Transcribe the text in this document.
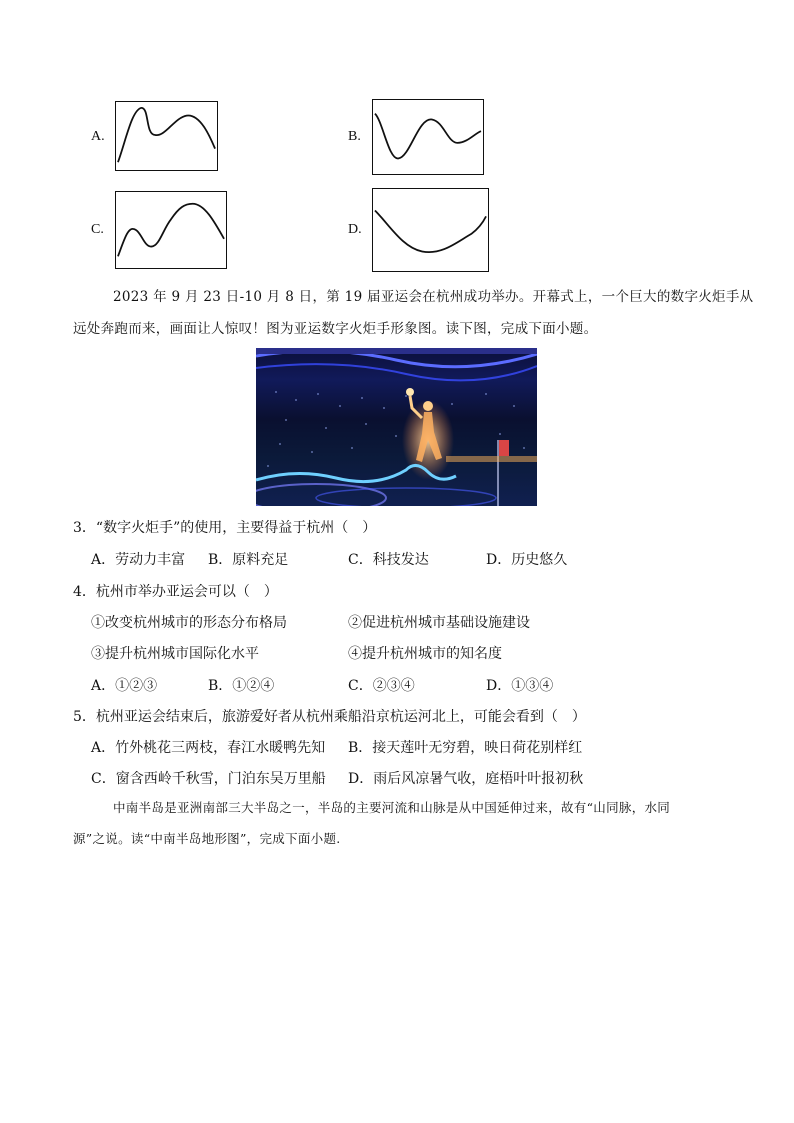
A.	B.
C.	D.
2023 年 9 月 23 日-10 月 8 日，第 19 届亚运会在杭州成功举办。开幕式上，一个巨大的数字火炬手从
远处奔跑而来，画面让人惊叹！图为亚运数字火炬手形象图。读下图，完成下面小题。
3．“数字火炬手”的使用，主要得益于杭州（　）
A．劳动力丰富 B．原料充足	C．科技发达	D．历史悠久
4．杭州市举办亚运会可以（　）
①改变杭州城市的形态分布格局	②促进杭州城市基础设施建设
③提升杭州城市国际化水平	④提升杭州城市的知名度
A．①②③	B．①②④	C．②③④	D．①③④
5．杭州亚运会结束后，旅游爱好者从杭州乘船沿京杭运河北上，可能会看到（　）
A．竹外桃花三两枝，春江水暖鸭先知 B．接天莲叶无穷碧，映日荷花别样红
C．窗含西岭千秋雪，门泊东吴万里船 D．雨后风凉暑气收，庭梧叶叶报初秋
中南半岛是亚洲南部三大半岛之一，半岛的主要河流和山脉是从中国延伸过来，故有“山同脉，水同
源”之说。读“中南半岛地形图”，完成下面小题.
